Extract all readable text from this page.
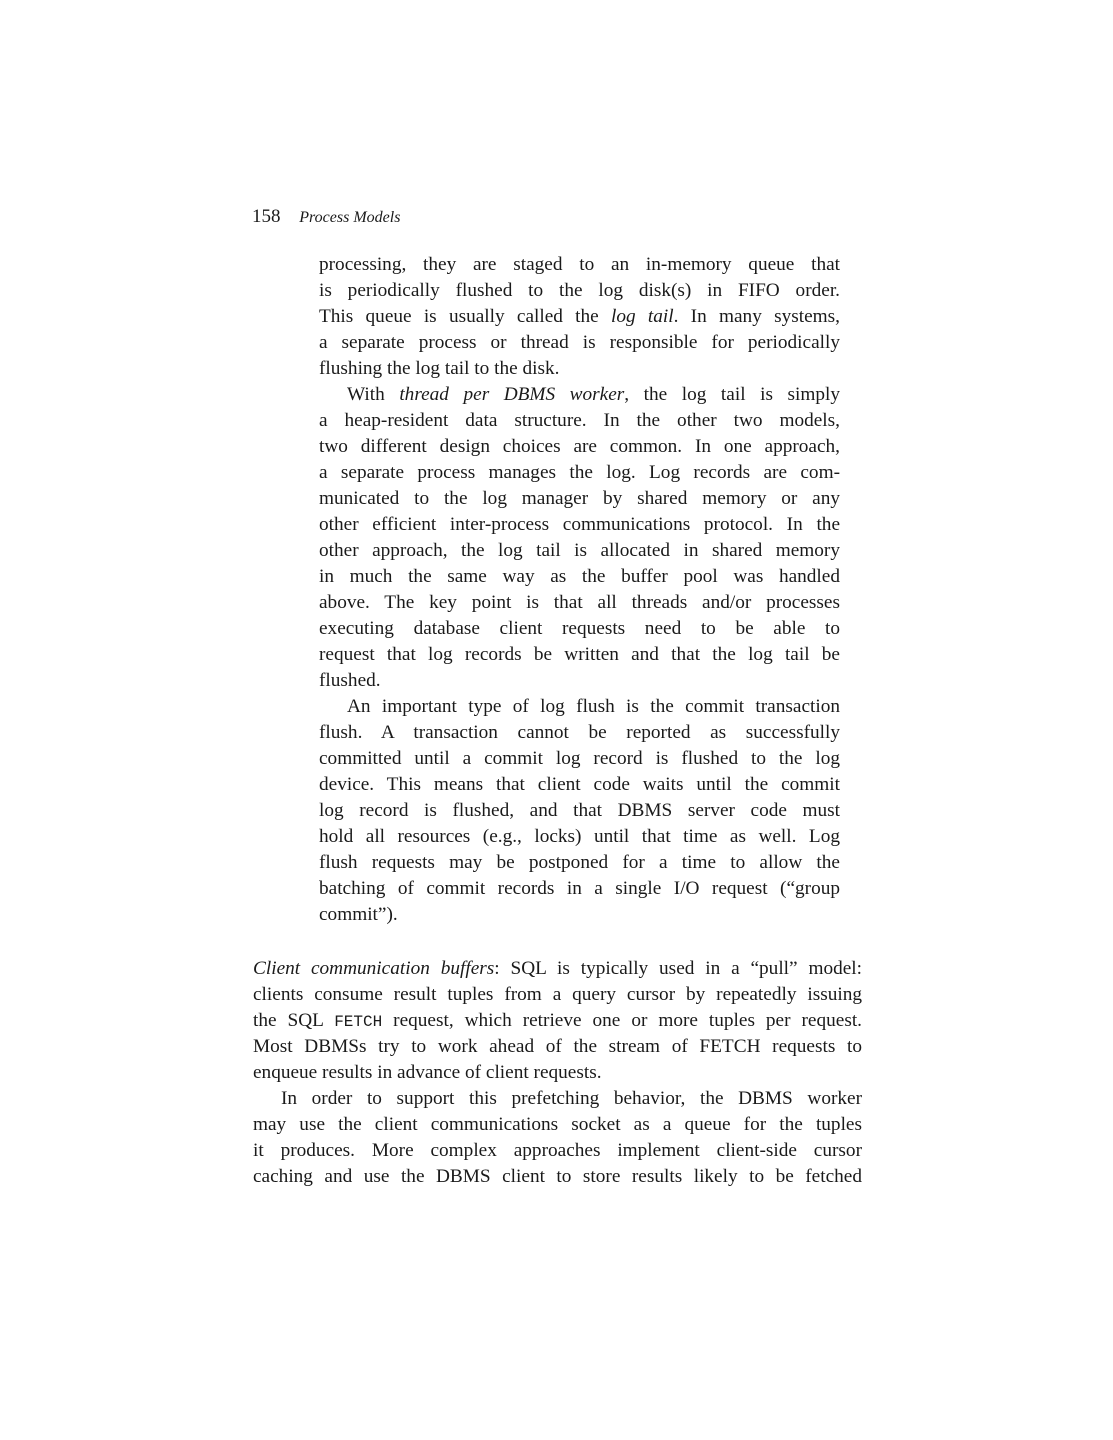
158 Process Models
processing, they are staged to an in-memory queue that
is periodically flushed to the log disk(s) in FIFO order.
This queue is usually called the log tail. In many systems,
a separate process or thread is responsible for periodically
flushing the log tail to the disk.
With thread per DBMS worker, the log tail is simply
a heap-resident data structure. In the other two models,
two different design choices are common. In one approach,
a separate process manages the log. Log records are com-
municated to the log manager by shared memory or any
other efficient inter-process communications protocol. In the
other approach, the log tail is allocated in shared memory
in much the same way as the buffer pool was handled
above. The key point is that all threads and/or processes
executing database client requests need to be able to
request that log records be written and that the log tail be
flushed.
An important type of log flush is the commit transaction
flush. A transaction cannot be reported as successfully
committed until a commit log record is flushed to the log
device. This means that client code waits until the commit
log record is flushed, and that DBMS server code must
hold all resources (e.g., locks) until that time as well. Log
flush requests may be postponed for a time to allow the
batching of commit records in a single I/O request (“group
commit”).
Client communication buffers: SQL is typically used in a “pull” model:
clients consume result tuples from a query cursor by repeatedly issuing
the SQL FETCH request, which retrieve one or more tuples per request.
Most DBMSs try to work ahead of the stream of FETCH requests to
enqueue results in advance of client requests.
In order to support this prefetching behavior, the DBMS worker
may use the client communications socket as a queue for the tuples
it produces. More complex approaches implement client-side cursor
caching and use the DBMS client to store results likely to be fetched
